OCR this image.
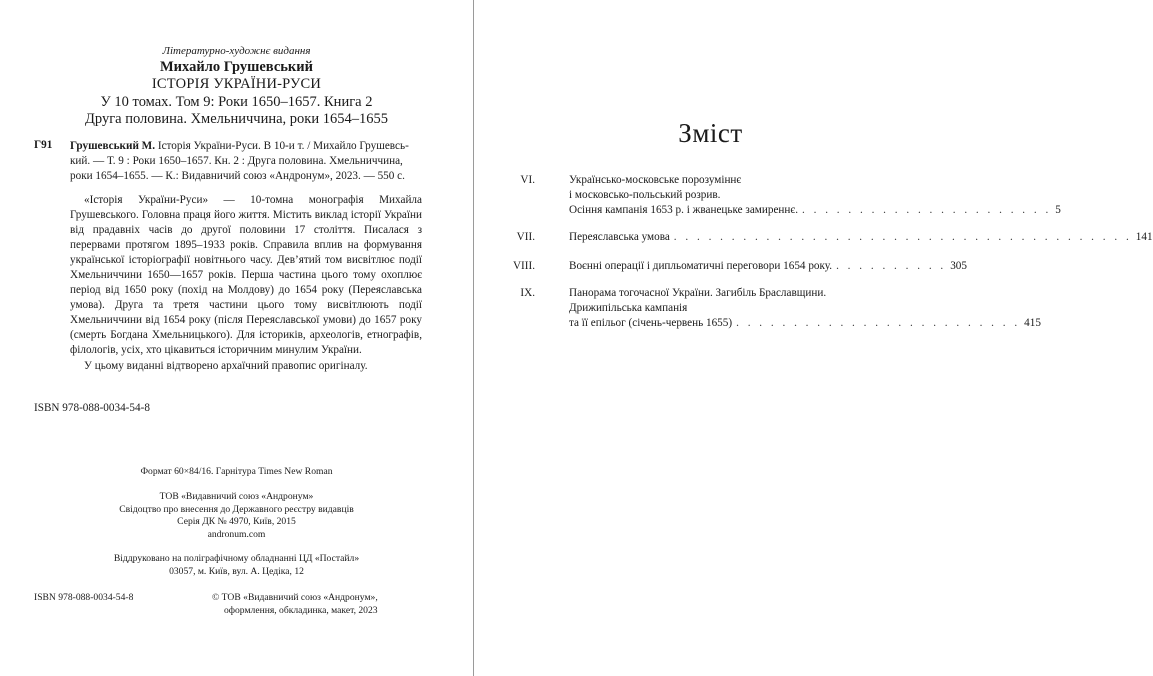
Літературно-художнє видання
Михайло Грушевський
ІСТОРІЯ УКРАЇНИ-РУСИ
У 10 томах. Том 9: Роки 1650–1657. Книга 2
Друга половина. Хмельниччина, роки 1654–1655
Г91 Грушевський М. Історія України-Руси. В 10-и т. / Михайло Грушевсь-кий. — Т. 9 : Роки 1650–1657. Кн. 2 : Друга половина. Хмельниччина, роки 1654–1655. — К.: Видавничий союз «Андронум», 2023. — 550 с.
«Історія України-Руси» — 10-томна монографія Михайла Грушевського. Головна праця його життя. Містить виклад історії України від прадавніх часів до другої половини 17 століття. Писалася з перервами протягом 1895–1933 років. Справила вплив на формування української історіографії новітнього часу. Дев’ятий том висвітлює події Хмельниччини 1650—1657 років. Перша частина цього тому охоплює період від 1650 року (похід на Молдову) до 1654 року (Переяславська умова). Друга та третя частини цього тому висвітлюють події Хмельниччини від 1654 року (після Переяславської умови) до 1657 року (смерть Богдана Хмельницького). Для істориків, археологів, етнографів, філологів, усіх, хто цікавиться історичним минулим України.
У цьому виданні відтворено архаїчний правопис оригіналу.
ISBN 978-088-0034-54-8
Формат 60×84/16. Гарнітура Times New Roman
ТОВ «Видавничий союз «Андронум»
Свідоцтво про внесення до Державного реєстру видавців
Серія ДК № 4970, Київ, 2015
andronum.com
Віддруковано на поліграфічному обладнанні ЦД «Постайл»
03057, м. Київ, вул. А. Цедіка, 12
ISBN 978-088-0034-54-8	© ТОВ «Видавничий союз «Андронум»,
оформлення, обкладинка, макет, 2023
Зміст
VI.	Українсько-московське порозуміннє
і московсько-польський розрив.
Осіння кампанія 1653 р. і жванецьке замиреннє. . . . . . . . . . . . . . . . . . . . . . . 5
VII.	Переяславська умова . . . . . . . . . . . . . . . . . . . . . . . . . . . . . . . . . . . . . . . . 141
VIII.	Воєнні операції і дипльоматичні переговори 1654 року. . . . . . . . . . . 305
IX.	Панорама тогочасної України. Загибіль Браславщини.
Дрижипільська кампанія
та її епільог (січень-червень 1655) . . . . . . . . . . . . . . . . . . . . . . . . . 415
